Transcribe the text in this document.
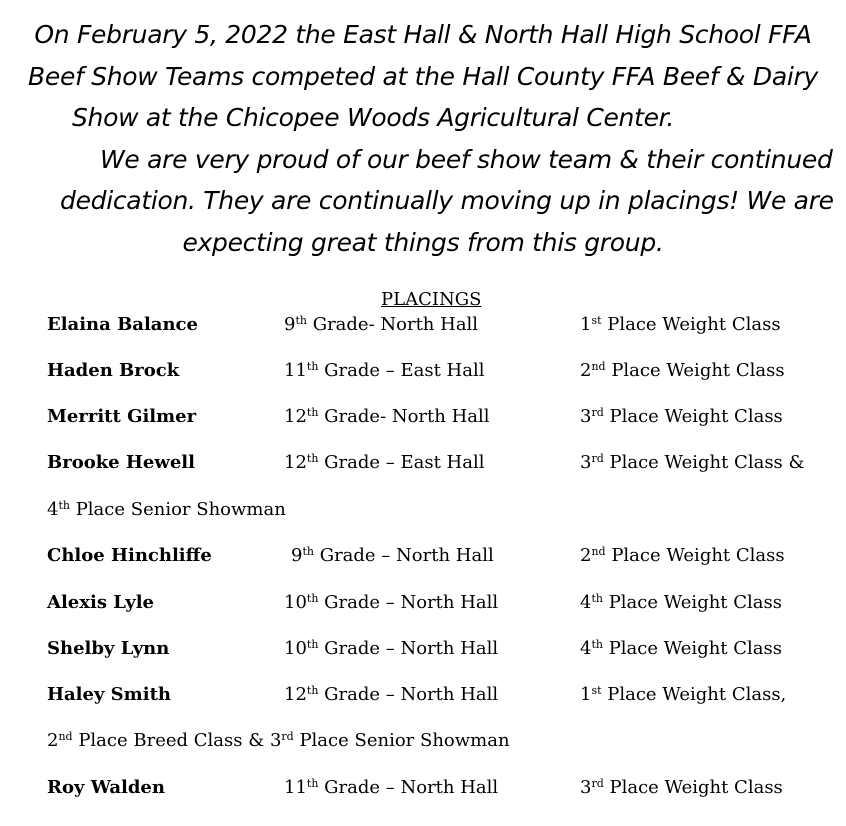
On February 5, 2022 the East Hall & North Hall High School FFA
Beef Show Teams competed at the Hall County FFA Beef & Dairy
Show at the Chicopee Woods Agricultural Center.
We are very proud of our beef show team & their continued
dedication. They are continually moving up in placings! We are
expecting great things from this group.
PLACINGS
Elaina Balance	9th Grade- North Hall	1st Place Weight Class
Haden Brock	11th Grade – East Hall	2nd Place Weight Class
Merritt Gilmer	12th Grade- North Hall	3rd Place Weight Class
Brooke Hewell	12th Grade – East Hall	3rd Place Weight Class &
4th Place Senior Showman
Chloe Hinchliffe	9th Grade – North Hall	2nd Place Weight Class
Alexis Lyle	10th Grade – North Hall	4th Place Weight Class
Shelby Lynn	10th Grade – North Hall	4th Place Weight Class
Haley Smith	12th Grade – North Hall	1st Place Weight Class,
2nd Place Breed Class & 3rd Place Senior Showman
Roy Walden	11th Grade – North Hall	3rd Place Weight Class
